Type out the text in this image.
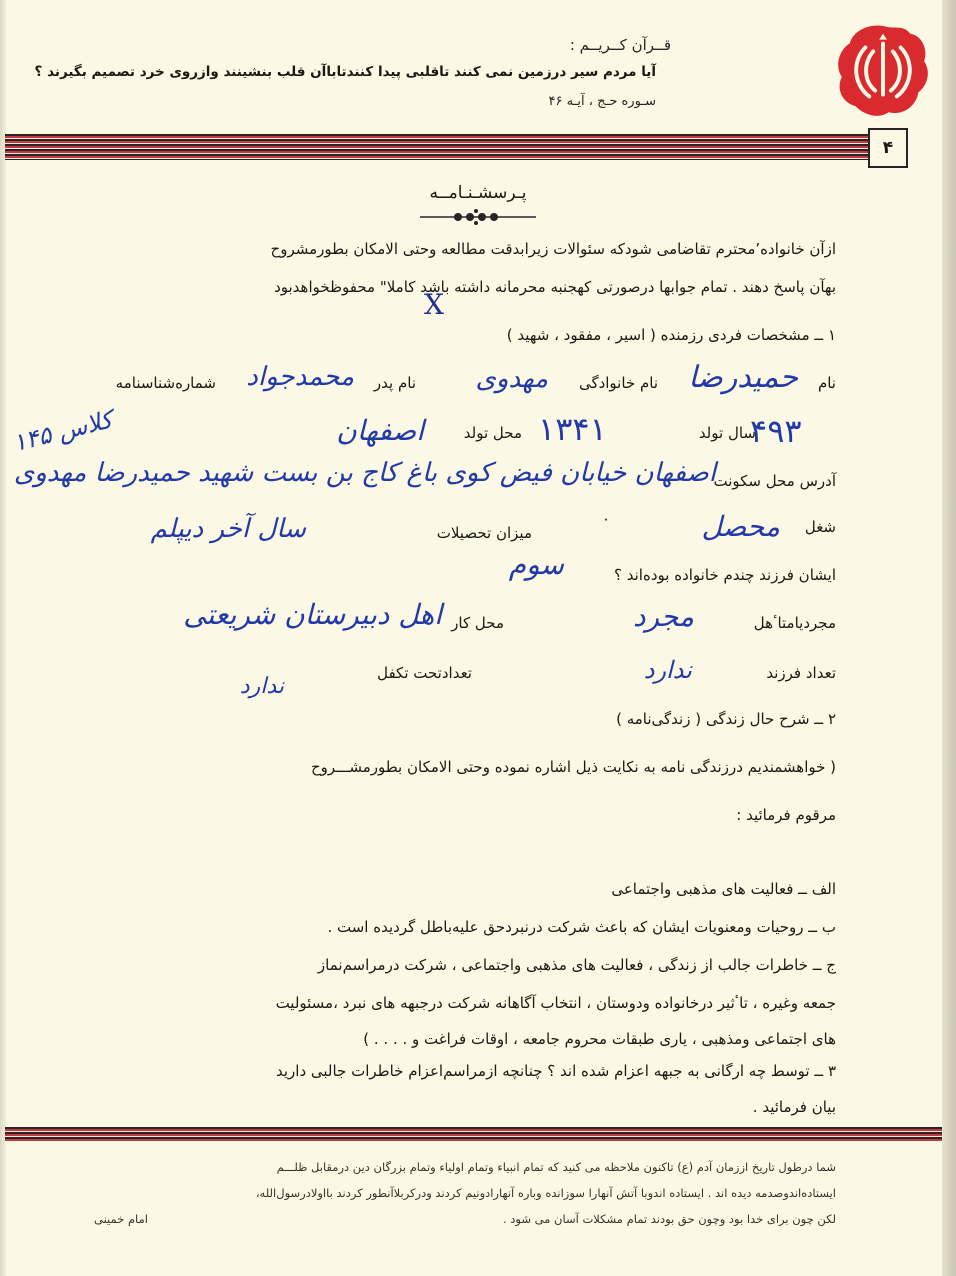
قــرآن کــریــم :
آیا مردم سیر درزمین نمی کنند تاقلبی پیدا کنندتاباآن قلب بنشینند وازروی خرد تصمیم بگیرند ؟
سـوره حـج ، آیـه ۴۶
۴
پـرسشـنـامــه
ازآن خانواده٬محترم تقاضامی شودکه سئوالات زیرابدقت مطالعه وحتی الامکان بطورمشروح
بهآن پاسخ دهند . تمام جوابها درصورتی کهجنبه محرمانه داشته باشد کاملا" محفوظخواهدبود
X
۱ ــ مشخصات فردی رزمنده ( اسیر ، مفقود ، شهید )
نام
حمیدرضا
نام خانوادگی
مهدوی
نام پدر
محمدجواد
شماره‌شناسنامه
۴۹۳
سال تولد
۱۳۴۱
محل تولد
اصفهان
آدرس محل سکونت
اصفهان خیابان فیض کوی باغ کاج بن بست شهید حمیدرضا مهدوی
کلاس ۱۴۵
شغل
محصل
٠
میزان تحصیلات
سال آخر دیپلم
ایشان فرزند چندم خانواده بوده‌اند ؟
سوم
مجردیامتاٴهل
مجرد
محل کار
اهل دبیرستان شریعتی
تعداد فرزند
ندارد
تعدادتحت تکفل
ندارد
۲ ــ شرح حال زندگی ( زندگی‌نامه )
( خواهشمندیم درزندگی نامه به نکایت ذیل اشاره نموده وحتی الامکان بطورمشـــروح
مرقوم فرمائید :
الف ــ فعالیت های مذهبی واجتماعی
ب ــ روحیات ومعنویات ایشان که باعث شرکت درنبردحق علیه‌باطل گردیده است .
ج ــ خاطرات جالب از زندگی ، فعالیت های مذهبی واجتماعی ، شرکت درمراسم‌نماز
جمعه وغیره ، تاٴثیر درخانواده ودوستان ، انتخاب آگاهانه شرکت درجبهه های نبرد ،مسئولیت
های اجتماعی ومذهبی ، یاری طبقات محروم جامعه ، اوقات فراغت و . . . . )
۳ ــ توسط چه ارگانی به جبهه اعزام شده اند ؟ چنانچه ازمراسم‌اعزام خاطرات جالبی‌ داريد
بیان فرمائید .
شما درطول تاریخ اززمان آدم (ع) تاکنون ملاحظه می کنید که تمام انبیاء وتمام اولیاء وتمام بزرگان دین درمقابل ظلـــم
ایستاده‌اندوصدمه دیده اند . ایستاده اندوبا آتش آنهارا سوزانده وباره آنهارادونیم کردند ودرکربلاآنطور کردند بااولادرسول‌الله،
لکن چون برای خدا بود وچون حق بودند تمام مشکلات آسان می شود .
امام خمینی
